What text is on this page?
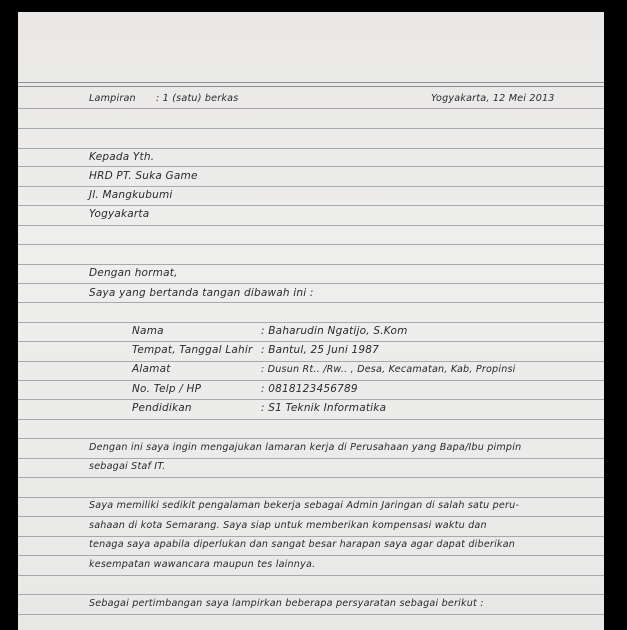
Lampiran : 1 (satu) berkas	Yogyakarta, 12 Mei 2013
Kepada Yth.
HRD PT. Suka Game
Jl. Mangkubumi
Yogyakarta
Dengan hormat,
Saya yang bertanda tangan dibawah ini :
Nama	: Baharudin Ngatijo, S.Kom
Tempat, Tanggal Lahir : Bantul, 25 Juni 1987
Alamat	: Dusun Rt.. /Rw.. , Desa, Kecamatan, Kab, Propinsi
No. Telp / HP	: 0818123456789
Pendidikan	: S1 Teknik Informatika
Dengan ini saya ingin mengajukan lamaran kerja di Perusahaan yang Bapa/Ibu pimpin
sebagai Staf IT.
Saya memiliki sedikit pengalaman bekerja sebagai Admin Jaringan di salah satu peru-
sahaan di kota Semarang. Saya siap untuk memberikan kompensasi waktu dan
tenaga saya apabila diperlukan dan sangat besar harapan saya agar dapat diberikan
kesempatan wawancara maupun tes lainnya.
Sebagai pertimbangan saya lampirkan beberapa persyaratan sebagai berikut :
